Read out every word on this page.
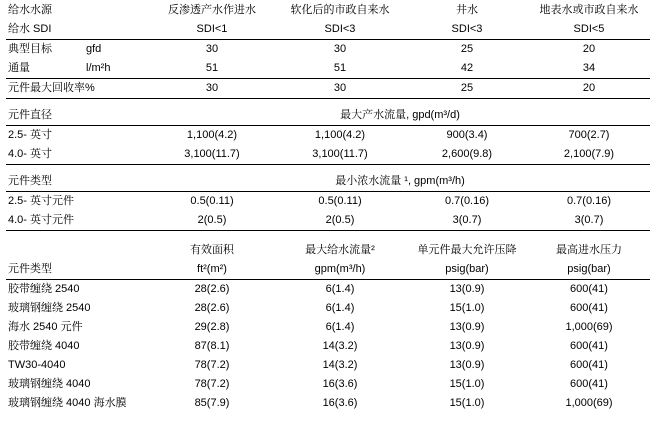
给水水源		反渗透产水作进水	软化后的市政自来水	井水	地表水或市政自来水
给水 SDI		SDI<1	SDI<3	SDI<3	SDI<5
典型目标	gfd	30	30	25	20
通量	l/m²h	51	51	42	34
元件最大回收率%		30	30	25	20

元件直径		最大产水流量, gpd(m³/d)			
2.5- 英寸		1,100(4.2)	1,100(4.2)	900(3.4)	700(2.7)
4.0- 英寸		3,100(11.7)	3,100(11.7)	2,600(9.8)	2,100(7.9)

元件类型		最小浓水流量 ¹, gpm(m³/h)			
2.5- 英寸元件		0.5(0.11)	0.5(0.11)	0.7(0.16)	0.7(0.16)
4.0- 英寸元件		2(0.5)	2(0.5)	3(0.7)	3(0.7)

		有效面积	最大给水流量²	单元件最大允许压降	最高进水压力
元件类型		ft²(m²)	gpm(m³/h)	psig(bar)	psig(bar)
胶带缠绕 2540		28(2.6)	6(1.4)	13(0.9)	600(41)
玻璃钢缠绕 2540		28(2.6)	6(1.4)	15(1.0)	600(41)
海水 2540 元件		29(2.8)	6(1.4)	13(0.9)	1,000(69)
胶带缠绕 4040		87(8.1)	14(3.2)	13(0.9)	600(41)
TW30-4040		78(7.2)	14(3.2)	13(0.9)	600(41)
玻璃钢缠绕 4040		78(7.2)	16(3.6)	15(1.0)	600(41)
玻璃钢缠绕 4040 海水膜		85(7.9)	16(3.6)	15(1.0)	1,000(69)
